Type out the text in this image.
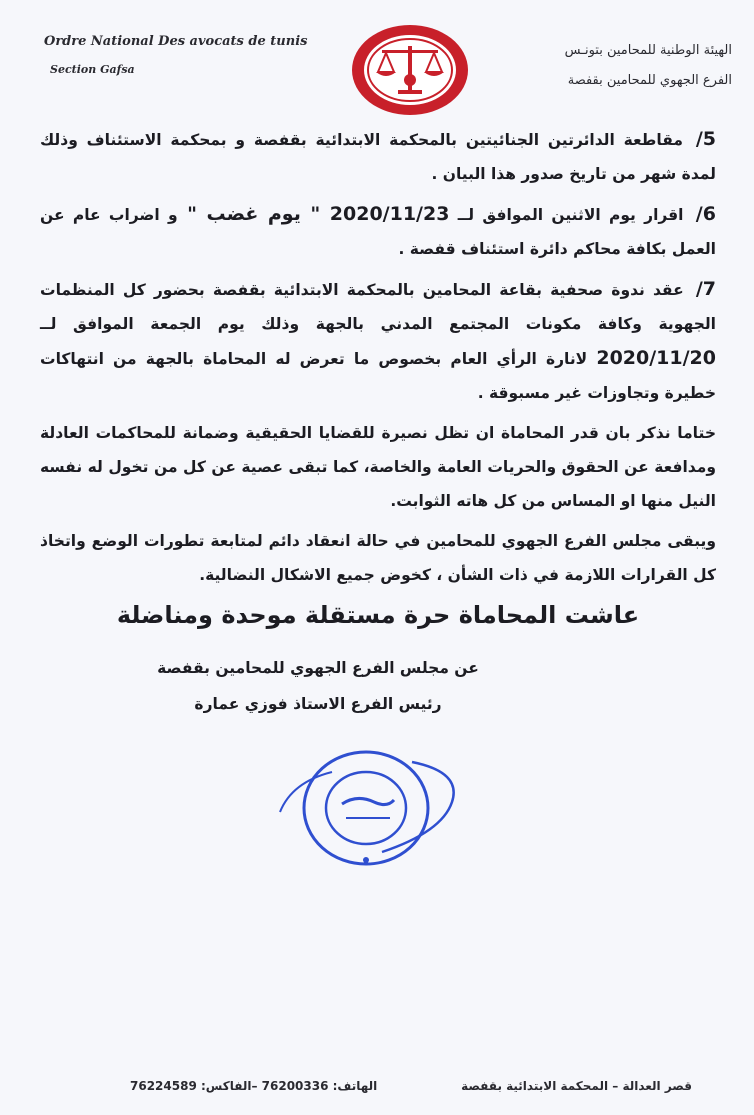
Ordre National Des avocats de tunis
Section Gafsa
الهيئة الوطنية للمحامين بتونـس
الفرع الجهوي للمحامين بقفصة

5/ مقاطعة الدائرتين الجنائيتين بالمحكمة الابتدائية بقفصة و بمحكمة الاستئناف وذلك لمدة شهر من تاريخ صدور هذا البيان .

6/ اقرار يوم الاثنين الموافق لــ 2020/11/23 " يوم غضب " و اضراب عام عن العمل بكافة محاكم دائرة استئناف قفصة .

7/ عقد ندوة صحفية بقاعة المحامين بالمحكمة الابتدائية بقفصة بحضور كل المنظمات الجهوية وكافة مكونات المجتمع المدني بالجهة وذلك يوم الجمعة الموافق لــ 2020/11/20 لانارة الرأي العام بخصوص ما تعرض له المحاماة بالجهة من انتهاكات خطيرة وتجاوزات غير مسبوقة .

ختاما نذكر بان قدر المحاماة ان تظل نصيرة للقضايا الحقيقية وضمانة للمحاكمات العادلة ومدافعة عن الحقوق والحريات العامة والخاصة، كما تبقى عصية عن كل من تخول له نفسه النيل منها او المساس من كل هاته الثوابت.

ويبقى مجلس الفرع الجهوي للمحامين في حالة انعقاد دائم لمتابعة تطورات الوضع واتخاذ كل القرارات اللازمة في ذات الشأن ، كخوض جميع الاشكال النضالية.

عاشت المحاماة حرة مستقلة موحدة ومناضلة
عن مجلس الفرع الجهوي للمحامين بقفصة
رئيس الفرع الاستاذ فوزي عمارة
قصر العدالة – المحكمة الابتدائية بقفصة
الهاتف: 76200336 –الفاكس: 76224589
